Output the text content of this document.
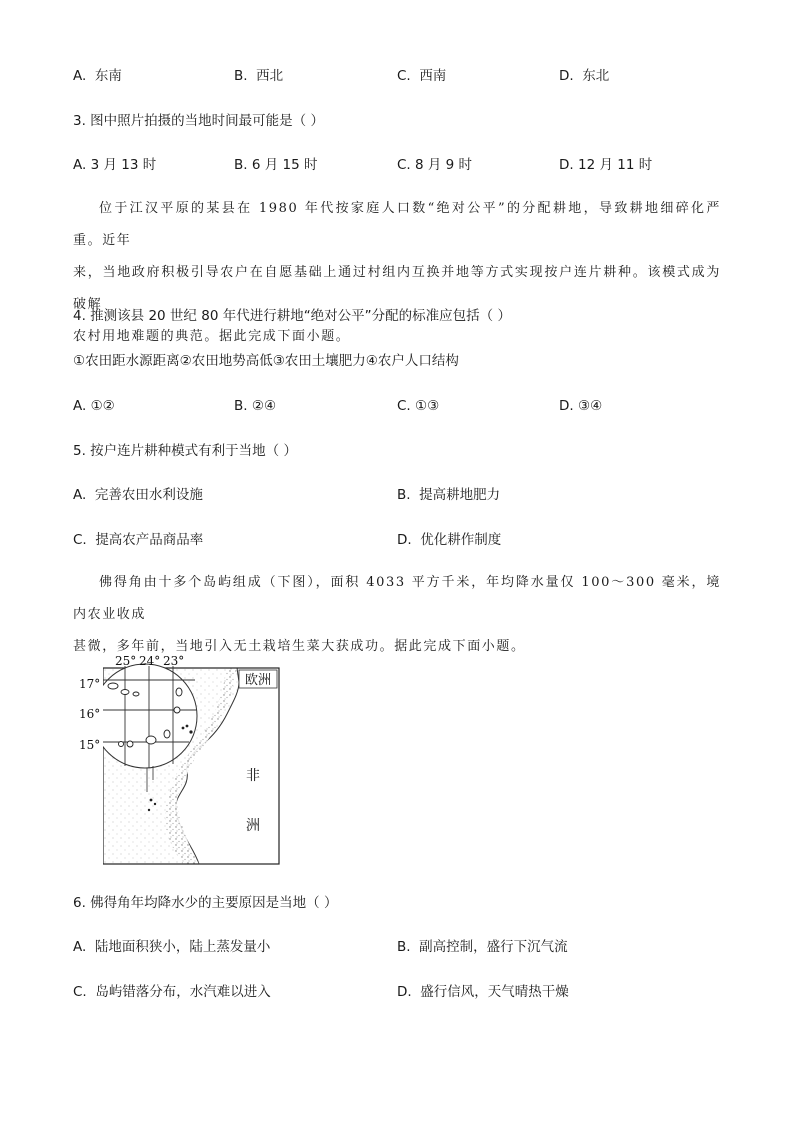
A. 东南	B. 西北	C. 西南	D. 东北
3. 图中照片拍摄的当地时间最可能是（ ）
A. 3 月 13 时	B. 6 月 15 时	C. 8 月 9 时	D. 12 月 11 时
位于江汉平原的某县在 1980 年代按家庭人口数“绝对公平”的分配耕地，导致耕地细碎化严重。近年
来，当地政府积极引导农户在自愿基础上通过村组内互换并地等方式实现按户连片耕种。该模式成为破解
农村用地难题的典范。据此完成下面小题。
4. 推测该县 20 世纪 80 年代进行耕地“绝对公平”分配的标准应包括（ ）
①农田距水源距离②农田地势高低③农田土壤肥力④农户人口结构
A. ①②	B. ②④	C. ①③	D. ③④
5. 按户连片耕种模式有利于当地（ ）
A. 完善农田水利设施	B. 提高耕地肥力
C. 提高农产品商品率	D. 优化耕作制度
佛得角由十多个岛屿组成（下图），面积 4033 平方千米，年均降水量仅 100～300 毫米，境内农业收成
甚微，多年前，当地引入无土栽培生菜大获成功。据此完成下面小题。
欧洲
非
洲
25° 24° 23°
17°
16°
15°
6. 佛得角年均降水少的主要原因是当地（ ）
A. 陆地面积狭小，陆上蒸发量小	B. 副高控制，盛行下沉气流
C. 岛屿错落分布，水汽难以进入	D. 盛行信风，天气晴热干燥
